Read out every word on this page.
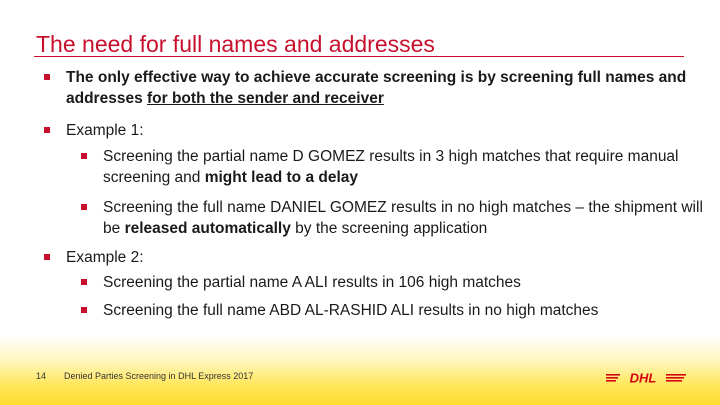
The need for full names and addresses
The only effective way to achieve accurate screening is by screening full names and addresses for both the sender and receiver
Example 1:
Screening the partial name D GOMEZ results in 3 high matches that require manual screening and might lead to a delay
Screening the full name DANIEL GOMEZ results in no high matches – the shipment will be released automatically by the screening application
Example 2:
Screening the partial name A ALI results in 106 high matches
Screening the full name ABD AL-RASHID ALI results in no high matches
14 Denied Parties Screening in DHL Express 2017	DHL
